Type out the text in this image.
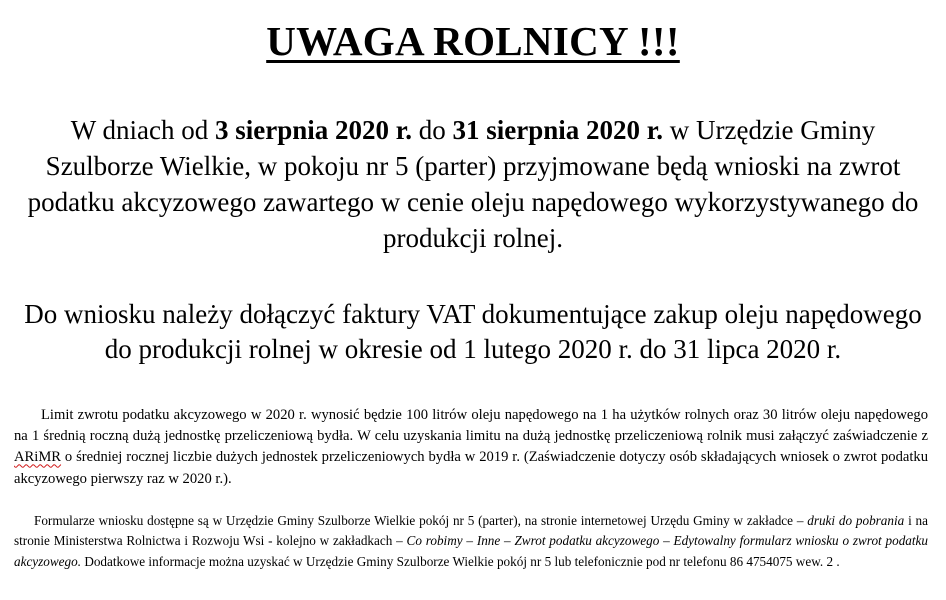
UWAGA ROLNICY !!!
W dniach od 3 sierpnia 2020 r. do 31 sierpnia 2020 r. w Urzędzie Gminy Szulborze Wielkie, w pokoju nr 5 (parter) przyjmowane będą wnioski na zwrot podatku akcyzowego zawartego w cenie oleju napędowego wykorzystywanego do produkcji rolnej.
Do wniosku należy dołączyć faktury VAT dokumentujące zakup oleju napędowego do produkcji rolnej w okresie od 1 lutego 2020 r. do 31 lipca 2020 r.
Limit zwrotu podatku akcyzowego w 2020 r. wynosić będzie 100 litrów oleju napędowego na 1 ha użytków rolnych oraz 30 litrów oleju napędowego na 1 średnią roczną dużą jednostkę przeliczeniową bydła. W celu uzyskania limitu na dużą jednostkę przeliczeniową rolnik musi załączyć zaświadczenie z ARiMR o średniej rocznej liczbie dużych jednostek przeliczeniowych bydła w 2019 r. (Zaświadczenie dotyczy osób składających wniosek o zwrot podatku akcyzowego pierwszy raz w 2020 r.).
Formularze wniosku dostępne są w Urzędzie Gminy Szulborze Wielkie pokój nr 5 (parter), na stronie internetowej Urzędu Gminy w zakładce – druki do pobrania i na stronie Ministerstwa Rolnictwa i Rozwoju Wsi - kolejno w zakładkach – Co robimy – Inne – Zwrot podatku akcyzowego – Edytowalny formularz wniosku o zwrot podatku akcyzowego. Dodatkowe informacje można uzyskać w Urzędzie Gminy Szulborze Wielkie pokój nr 5 lub telefonicznie pod nr telefonu 86 4754075 wew. 2 .
